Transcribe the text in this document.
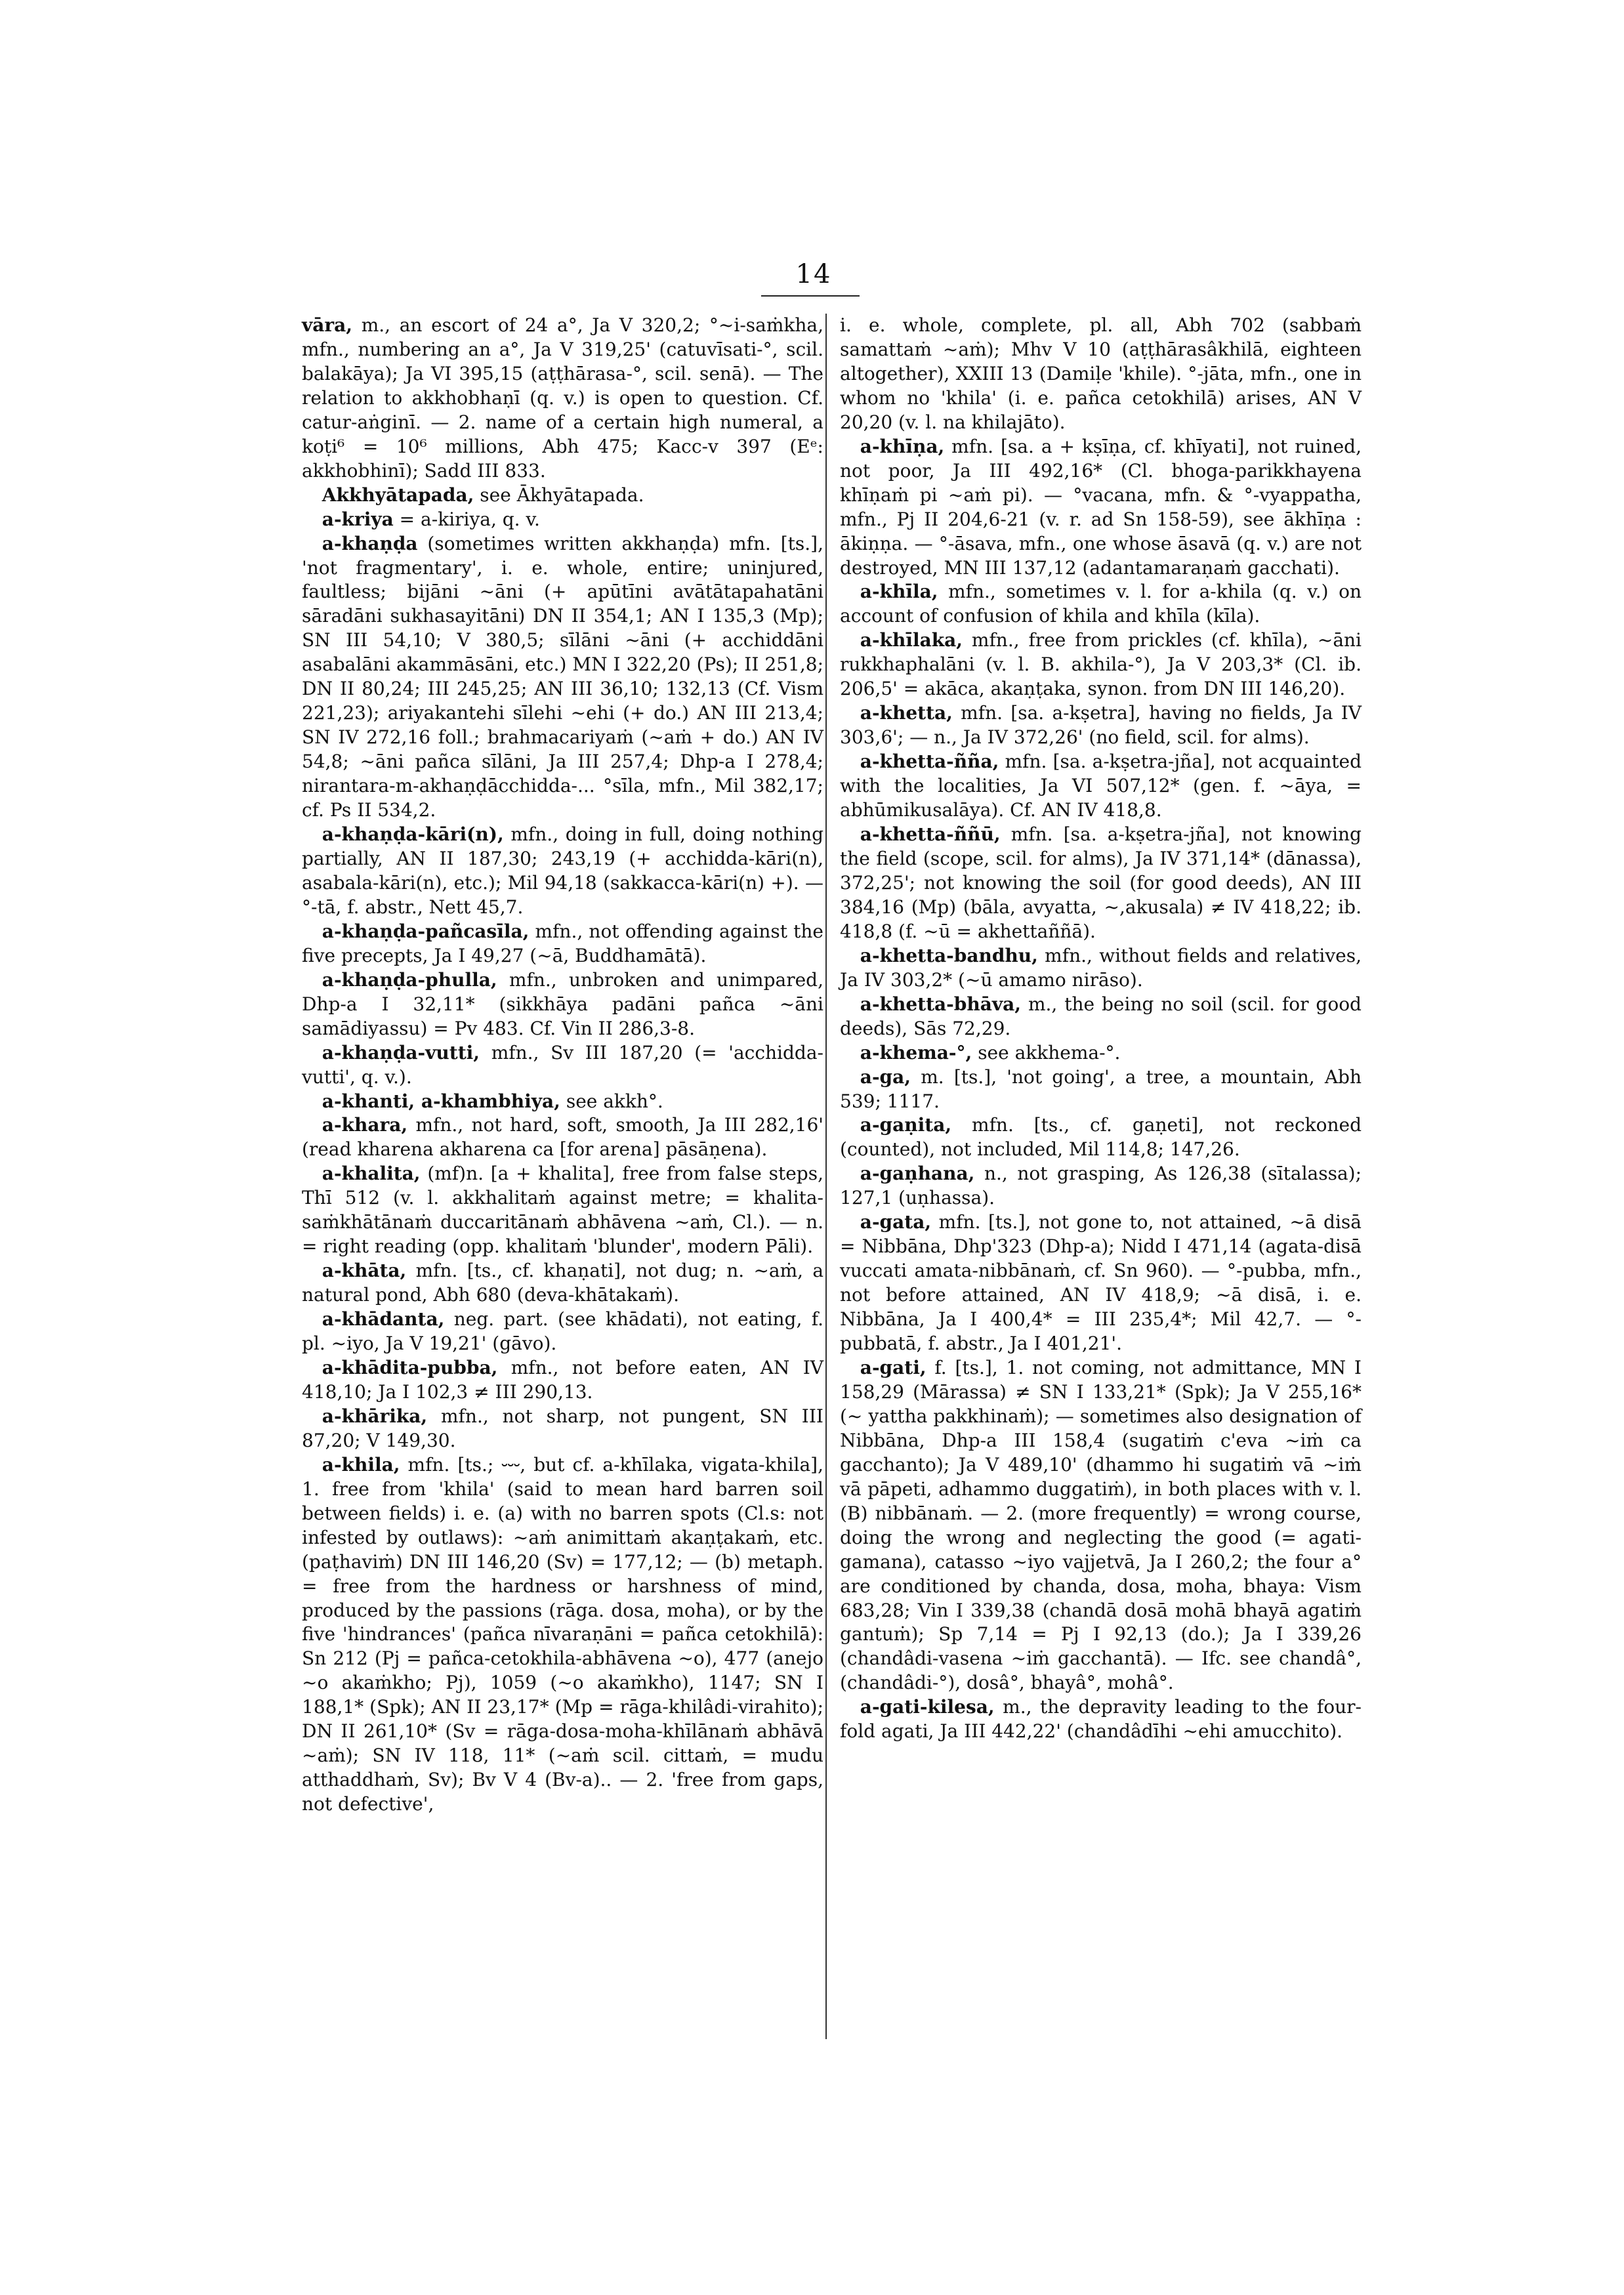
14

vāra, m., an escort of 24 a°, Ja V 320,2; °~i-saṁkha, mfn., numbering an a°, Ja V 319,25' (catuvīsati-°, scil. balakāya); Ja VI 395,15 (aṭṭhārasa-°, scil. senā). — The relation to akkhobhaṇī (q. v.) is open to question. Cf. catur-aṅginī. — 2. name of a certain high numeral, a koṭi⁶ = 10⁶ millions, Abh 475; Kacc-v 397 (Eᵉ: akkhobhinī); Sadd III 833.

Akkhyātapada, see Ākhyātapada.

a-kriya = a-kiriya, q. v.

a-khaṇḍa (sometimes written akkhaṇḍa) mfn. [ts.], 'not fragmentary', i. e. whole, entire; uninjured, faultless; bijāni ~āni (+ apūtīni avātātapahatāni sāradāni sukhasayitāni) DN II 354,1; AN I 135,3 (Mp); SN III 54,10; V 380,5; sīlāni ~āni (+ acchiddāni asabalāni akammāsāni, etc.) MN I 322,20 (Ps); II 251,8; DN II 80,24; III 245,25; AN III 36,10; 132,13 (Cf. Vism 221,23); ariyakantehi sīlehi ~ehi (+ do.) AN III 213,4; SN IV 272,16 foll.; brahmacariyaṁ (~aṁ + do.) AN IV 54,8; ~āni pañca sīlāni, Ja III 257,4; Dhp-a I 278,4; nirantara-m-akhaṇḍācchidda-... °sīla, mfn., Mil 382,17; cf. Ps II 534,2.

a-khaṇḍa-kāri(n), mfn., doing in full, doing nothing partially, AN II 187,30; 243,19 (+ acchidda-kāri(n), asabala-kāri(n), etc.); Mil 94,18 (sakkacca-kāri(n) +). — °-tā, f. abstr., Nett 45,7.

a-khaṇḍa-pañcasīla, mfn., not offending against the five precepts, Ja I 49,27 (~ā, Buddhamātā).

a-khaṇḍa-phulla, mfn., unbroken and unimpared, Dhp-a I 32,11* (sikkhāya padāni pañca ~āni samādiyassu) = Pv 483. Cf. Vin II 286,3-8.

a-khaṇḍa-vutti, mfn., Sv III 187,20 (= 'acchidda-vutti', q. v.).

a-khanti, a-khambhiya, see akkh°.

a-khara, mfn., not hard, soft, smooth, Ja III 282,16' (read kharena akharena ca [for arena] pāsāṇena).

a-khalita, (mf)n. [a + khalita], free from false steps, Thī 512 (v. l. akkhalitaṁ against metre; = khalita-saṁkhātānaṁ duccaritānaṁ abhāvena ~aṁ, Cl.). — n. = right reading (opp. khalitaṁ 'blunder', modern Pāli).

a-khāta, mfn. [ts., cf. khaṇati], not dug; n. ~aṁ, a natural pond, Abh 680 (deva-khātakaṁ).

a-khādanta, neg. part. (see khādati), not eating, f. pl. ~iyo, Ja V 19,21' (gāvo).

a-khādita-pubba, mfn., not before eaten, AN IV 418,10; Ja I 102,3 ≠ III 290,13.

a-khārika, mfn., not sharp, not pungent, SN III 87,20; V 149,30.

a-khila, mfn. [ts.; ⏑⏑⏑, but cf. a-khīlaka, vigata-khila], 1. free from 'khila' (said to mean hard barren soil between fields) i. e. (a) with no barren spots (Cl.s: not infested by outlaws): ~aṁ animittaṁ akaṇṭakaṁ, etc. (paṭhaviṁ) DN III 146,20 (Sv) = 177,12; — (b) metaph. = free from the hardness or harshness of mind, produced by the passions (rāga. dosa, moha), or by the five 'hindrances' (pañca nīvaraṇāni = pañca cetokhilā): Sn 212 (Pj = pañca-cetokhila-abhāvena ~o), 477 (anejo ~o akaṁkho; Pj), 1059 (~o akaṁkho), 1147; SN I 188,1* (Spk); AN II 23,17* (Mp = rāga-khilâdi-virahito); DN II 261,10* (Sv = rāga-dosa-moha-khīlānaṁ abhāvā ~aṁ); SN IV 118, 11* (~aṁ scil. cittaṁ, = mudu atthaddhaṁ, Sv); Bv V 4 (Bv-a).. — 2. 'free from gaps, not defective',

i. e. whole, complete, pl. all, Abh 702 (sabbaṁ samattaṁ ~aṁ); Mhv V 10 (aṭṭhārasâkhilā, eighteen altogether), XXIII 13 (Damiḷe 'khile). °-jāta, mfn., one in whom no 'khila' (i. e. pañca cetokhilā) arises, AN V 20,20 (v. l. na khilajāto).

a-khīṇa, mfn. [sa. a + kṣīṇa, cf. khīyati], not ruined, not poor, Ja III 492,16* (Cl. bhoga-parikkhayena khīṇaṁ pi ~aṁ pi). — °vacana, mfn. & °-vyappatha, mfn., Pj II 204,6-21 (v. r. ad Sn 158-59), see ākhīṇa : ākiṇṇa. — °-āsava, mfn., one whose āsavā (q. v.) are not destroyed, MN III 137,12 (adantamaraṇaṁ gacchati).

a-khīla, mfn., sometimes v. l. for a-khila (q. v.) on account of confusion of khila and khīla (kīla).

a-khīlaka, mfn., free from prickles (cf. khīla), ~āni rukkhaphalāni (v. l. B. akhila-°), Ja V 203,3* (Cl. ib. 206,5' = akāca, akaṇṭaka, synon. from DN III 146,20).

a-khetta, mfn. [sa. a-kṣetra], having no fields, Ja IV 303,6'; — n., Ja IV 372,26' (no field, scil. for alms).

a-khetta-ñña, mfn. [sa. a-kṣetra-jña], not acquainted with the localities, Ja VI 507,12* (gen. f. ~āya, = abhūmikusalāya). Cf. AN IV 418,8.

a-khetta-ññū, mfn. [sa. a-kṣetra-jña], not knowing the field (scope, scil. for alms), Ja IV 371,14* (dānassa), 372,25'; not knowing the soil (for good deeds), AN III 384,16 (Mp) (bāla, avyatta, ~,akusala) ≠ IV 418,22; ib. 418,8 (f. ~ū = akhettaññā).

a-khetta-bandhu, mfn., without fields and relatives, Ja IV 303,2* (~ū amamo nirāso).

a-khetta-bhāva, m., the being no soil (scil. for good deeds), Sās 72,29.

a-khema-°, see akkhema-°.

a-ga, m. [ts.], 'not going', a tree, a mountain, Abh 539; 1117.

a-gaṇita, mfn. [ts., cf. gaṇeti], not reckoned (counted), not included, Mil 114,8; 147,26.

a-gaṇhana, n., not grasping, As 126,38 (sītalassa); 127,1 (uṇhassa).

a-gata, mfn. [ts.], not gone to, not attained, ~ā disā = Nibbāna, Dhp'323 (Dhp-a); Nidd I 471,14 (agata-disā vuccati amata-nibbānaṁ, cf. Sn 960). — °-pubba, mfn., not before attained, AN IV 418,9; ~ā disā, i. e. Nibbāna, Ja I 400,4* = III 235,4*; Mil 42,7. — °-pubbatā, f. abstr., Ja I 401,21'.

a-gati, f. [ts.], 1. not coming, not admittance, MN I 158,29 (Mārassa) ≠ SN I 133,21* (Spk); Ja V 255,16* (~ yattha pakkhinaṁ); — sometimes also designation of Nibbāna, Dhp-a III 158,4 (sugatiṁ c'eva ~iṁ ca gacchanto); Ja V 489,10' (dhammo hi sugatiṁ vā ~iṁ vā pāpeti, adhammo duggatiṁ), in both places with v. l. (B) nibbānaṁ. — 2. (more frequently) = wrong course, doing the wrong and neglecting the good (= agati-gamana), catasso ~iyo vajjetvā, Ja I 260,2; the four a° are conditioned by chanda, dosa, moha, bhaya: Vism 683,28; Vin I 339,38 (chandā dosā mohā bhayā agatiṁ gantuṁ); Sp 7,14 = Pj I 92,13 (do.); Ja I 339,26 (chandâdi-vasena ~iṁ gacchantā). — Ifc. see chandâ°, (chandâdi-°), dosâ°, bhayâ°, mohâ°.

a-gati-kilesa, m., the depravity leading to the four-fold agati, Ja III 442,22' (chandâdīhi ~ehi amucchito).
